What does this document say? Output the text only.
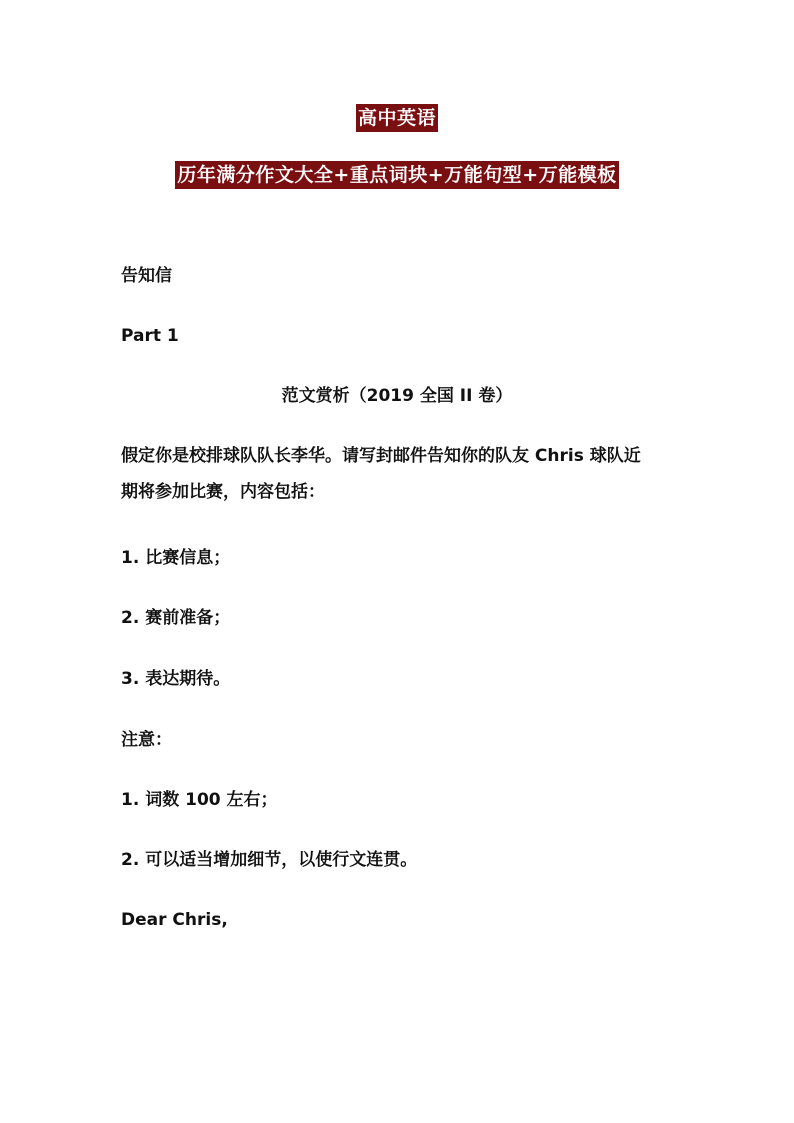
高中英语
历年满分作文大全+重点词块+万能句型+万能模板
告知信
Part 1
范文赏析（2019 全国 II 卷）
假定你是校排球队队长李华。请写封邮件告知你的队友 Chris 球队近
期将参加比赛，内容包括：
1. 比赛信息；
2. 赛前准备；
3. 表达期待。
注意：
1. 词数 100 左右；
2. 可以适当增加细节，以使行文连贯。
Dear Chris,
